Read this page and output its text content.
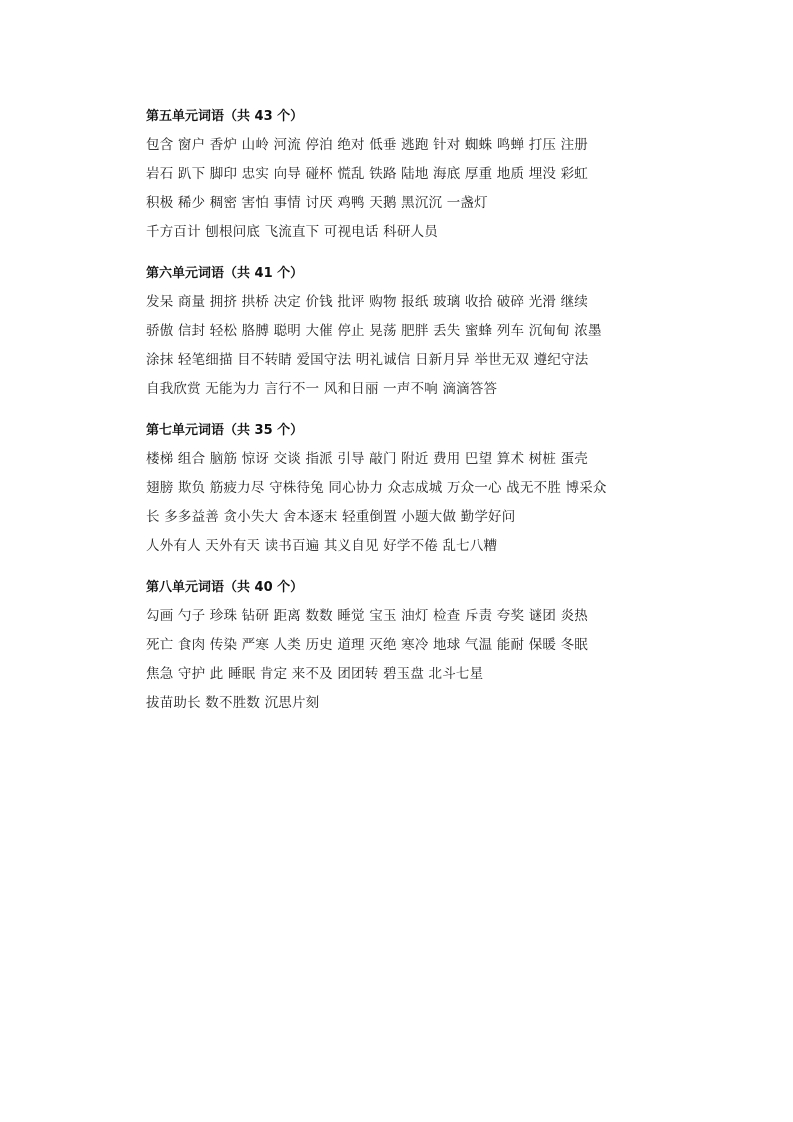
第五单元词语（共 43 个）
包含 窗户 香炉 山岭 河流 停泊 绝对 低垂 逃跑 针对 蜘蛛 鸣蝉 打压 注册
岩石 趴下 脚印 忠实 向导 碰杯 慌乱 铁路 陆地 海底 厚重 地质 埋没 彩虹
积极 稀少 稠密 害怕 事情 讨厌 鸡鸭 天鹅 黑沉沉 一盏灯
千方百计 刨根问底 飞流直下 可视电话 科研人员
第六单元词语（共 41 个）
发呆 商量 拥挤 拱桥 决定 价钱 批评 购物 报纸 玻璃 收拾 破碎 光滑 继续
骄傲 信封 轻松 胳膊 聪明 大催 停止 晃荡 肥胖 丢失 蜜蜂 列车 沉甸甸 浓墨
涂抹 轻笔细描 目不转睛 爱国守法 明礼诚信 日新月异 举世无双 遵纪守法
自我欣赏 无能为力 言行不一 风和日丽 一声不响 滴滴答答
第七单元词语（共 35 个）
楼梯 组合 脑筋 惊讶 交谈 指派 引导 敲门 附近 费用 巴望 算术 树桩 蛋壳
翅膀 欺负 筋疲力尽 守株待兔 同心协力 众志成城 万众一心 战无不胜 博采众
长 多多益善 贪小失大 舍本逐末 轻重倒置 小题大做 勤学好问
人外有人 天外有天 读书百遍 其义自见 好学不倦 乱七八糟
第八单元词语（共 40 个）
勾画 勺子 珍珠 钻研 距离 数数 睡觉 宝玉 油灯 检查 斥责 夸奖 谜团 炎热
死亡 食肉 传染 严寒 人类 历史 道理 灭绝 寒冷 地球 气温 能耐 保暖 冬眠
焦急 守护 此 睡眠 肯定 来不及 团团转 碧玉盘 北斗七星
拔苗助长 数不胜数 沉思片刻
